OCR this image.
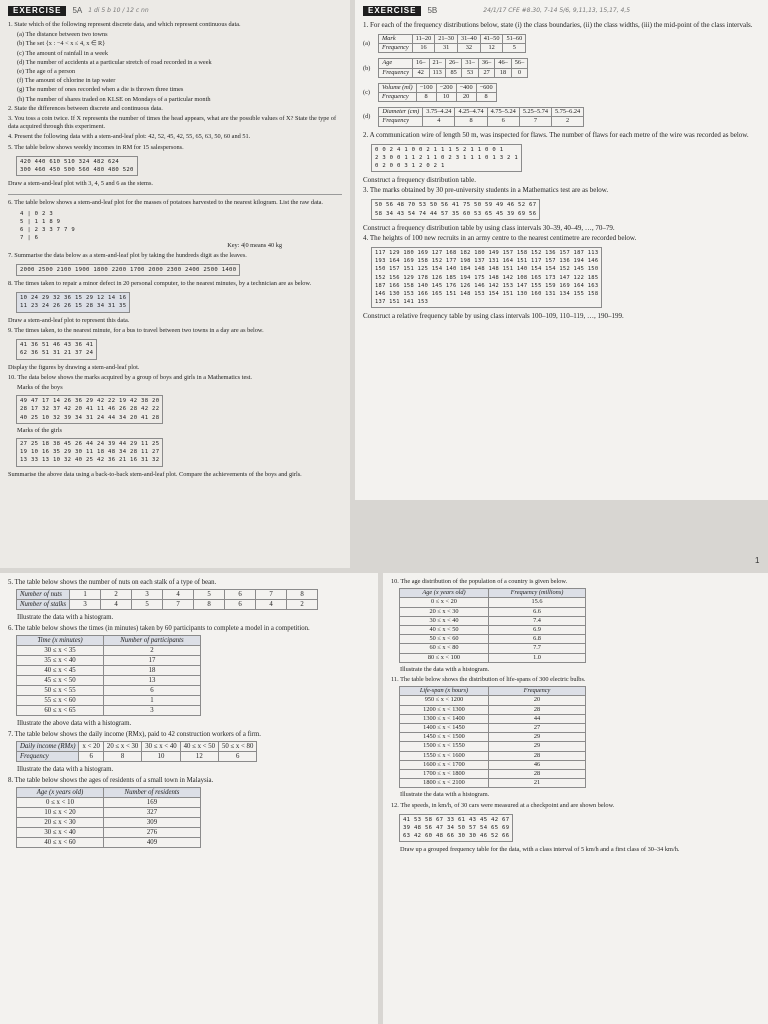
EXERCISE	5A 1 di 5 b 10 / 12 c nn

1. State which of the following represent discrete data, and which represent continuous data.

(a) The distance between two towns

(b) The set {x : −4 < x ≤ 4, x ∈ R}

(c) The amount of rainfall in a week

(d) The number of accidents at a particular stretch of road recorded in a week

(e) The age of a person

(f) The amount of chlorine in tap water

(g) The number of ones recorded when a die is thrown three times

(h) The number of shares traded on KLSE on Mondays of a particular month

2. State the differences between discrete and continuous data.

3. You toss a coin twice. If X represents the number of times the head appears, what are the possible values of X? State the type of data acquired through this experiment.

4. Present the following data with a stem-and-leaf plot: 42, 52, 45, 42, 55, 65, 63, 50, 60 and 51.

5. The table below shows weekly incomes in RM for 15 salespersons.

420 440 610 510 324 482 624
300 460 450 500 560 480 480 520

Draw a stem-and-leaf plot with 3, 4, 5 and 6 as the stems.

6. The table below shows a stem-and-leaf plot for the masses of potatoes harvested to the nearest kilogram. List the raw data.

4 | 0 2 3
5 | 1 1 8 9
6 | 2 3 3 7 7 9
7 | 6
Key: 4|0 means 40 kg

7. Summarise the data below as a stem-and-leaf plot by taking the hundreds digit as the leaves.

2000 2500 2100 1900 1800 2200 1700 2000 2300 2400 2500 1400

8. The times taken to repair a minor defect in 20 personal computer, to the nearest minutes, by a technician are as below.

10 24 29 32 36 15 29 12 14 16
11 23 24 26 26 15 28 34 31 35

Draw a stem-and-leaf plot to represent this data.

9. The times taken, to the nearest minute, for a bus to travel between two towns in a day are as below.

41 36 51 46 43 36 41
62 36 51 31 21 37 24

Display the figures by drawing a stem-and-leaf plot.

10. The data below shows the marks acquired by a group of boys and girls in a Mathematics test.

Marks of the boys

49 47 17 14 26 36 29 42 22 19 42 38 20
28 17 32 37 42 20 41 11 46 26 28 42 22
40 25 10 32 39 34 31 24 44 34 20 41 28

Marks of the girls

27 25 18 38 45 26 44 24 39 44 29 11 25
19 10 16 35 29 30 11 18 48 34 28 11 27
13 33 13 10 32 40 25 42 36 21 16 31 32

Summarise the above data using a back-to-back stem-and-leaf plot. Compare the achievements of the boys and girls.

EXERCISE	5B	24/1/17 CFE #8.30, 7-14 5/6, 9,11,13, 15,17, 4,5

1. For each of the frequency distributions below, state (i) the class boundaries, (ii) the class widths, (iii) the mid-point of the class intervals.

(a)
Mark	11–20	21–30	31–40	41–50	51–60
Frequency	16	31	32	12	5
(b)
Age	16–	21–	26–	31–	36–	46–	56–
Frequency	42	113	85	53	27	18	0
(c)
Volume (ml)	−100	−200	−400	−600
Frequency	8	10	20	8
(d)
Diameter (cm)	3.75–4.24	4.25–4.74	4.75–5.24	5.25–5.74	5.75–6.24
Frequency	4	8	6	7	2

2. A communication wire of length 50 m, was inspected for flaws. The number of flaws for each metre of the wire was recorded as below.

0 0 2 4 1 0 0 2 1 1 1 5 2 1 1 0 0 1
2 3 0 0 1 1 2 1 1 0 2 3 1 1 1 0 1 3 2 1
0 2 0 0 3 1 2 0 2 1

Construct a frequency distribution table.

3. The marks obtained by 30 pre-university students in a Mathematics test are as below.

50 56 48 70 53 50 56 41 75 50 59 49 46 52 67
58 34 43 54 74 44 57 35 60 53 65 45 39 69 56

Construct a frequency distribution table by using class intervals 30–39, 40–49, …, 70–79.

4. The heights of 100 new recruits in an army centre to the nearest centimetre are recorded below.

117 129 180 169 127 168 182 180 149 157 158 152 136 157 187 113
193 164 169 158 152 177 198 137 131 164 151 117 157 136 194 146
150 157 151 125 154 140 184 148 148 151 140 154 154 152 145 150
152 156 129 178 126 185 194 175 148 142 108 165 173 147 122 185
187 166 158 140 145 176 126 146 142 153 147 155 159 169 164 163
146 130 153 166 165 151 148 153 154 151 130 160 131 134 155 158
137 151 141 153

Construct a relative frequency table by using class intervals 100–109, 110–119, …, 190–199.

1

5. The table below shows the number of nuts on each stalk of a type of bean.

Number of nuts	1	2	3	4	5	6	7	8
Number of stalks	3	4	5	7	8	6	4	2

Illustrate the data with a histogram.

6. The table below shows the times (in minutes) taken by 60 participants to complete a model in a competition.

Time (x minutes)	Number of participants
30 ≤ x < 35	2
35 ≤ x < 40	17
40 ≤ x < 45	18
45 ≤ x < 50	13
50 ≤ x < 55	6
55 ≤ x < 60	1
60 ≤ x < 65	3

Illustrate the above data with a histogram.

7. The table below shows the daily income (RMx), paid to 42 construction workers of a firm.

Daily income (RMx)	x < 20	20 ≤ x < 30	30 ≤ x < 40	40 ≤ x < 50	50 ≤ x < 80
Frequency	6	8	10	12	6

Illustrate the data with a histogram.

8. The table below shows the ages of residents of a small town in Malaysia.

Age (x years old)	Number of residents
0 ≤ x < 10	169
10 ≤ x < 20	327
20 ≤ x < 30	309
30 ≤ x < 40	276
40 ≤ x < 60	409

10. The age distribution of the population of a country is given below.

Age (x years old)	Frequency (millions)
0 ≤ x < 20	15.6
20 ≤ x < 30	6.6
30 ≤ x < 40	7.4
40 ≤ x < 50	6.9
50 ≤ x < 60	6.8
60 ≤ x < 80	7.7
80 ≤ x < 100	1.0

Illustrate the data with a histogram.

11. The table below shows the distribution of life-spans of 300 electric bulbs.

Life-span (x hours)	Frequency
950 ≤ x < 1200	20
1200 ≤ x < 1300	28
1300 ≤ x < 1400	44
1400 ≤ x < 1450	27
1450 ≤ x < 1500	29
1500 ≤ x < 1550	29
1550 ≤ x < 1600	28
1600 ≤ x < 1700	46
1700 ≤ x < 1800	28
1800 ≤ x < 2100	21

Illustrate the data with a histogram.

12. The speeds, in km/h, of 30 cars were measured at a checkpoint and are shown below.

41 53 58 67 33 61 43 45 42 67
39 48 56 47 34 50 57 54 65 69
63 42 60 48 66 30 30 46 52 66

Draw up a grouped frequency table for the data, with a class interval of 5 km/h and a first class of 30–34 km/h.
